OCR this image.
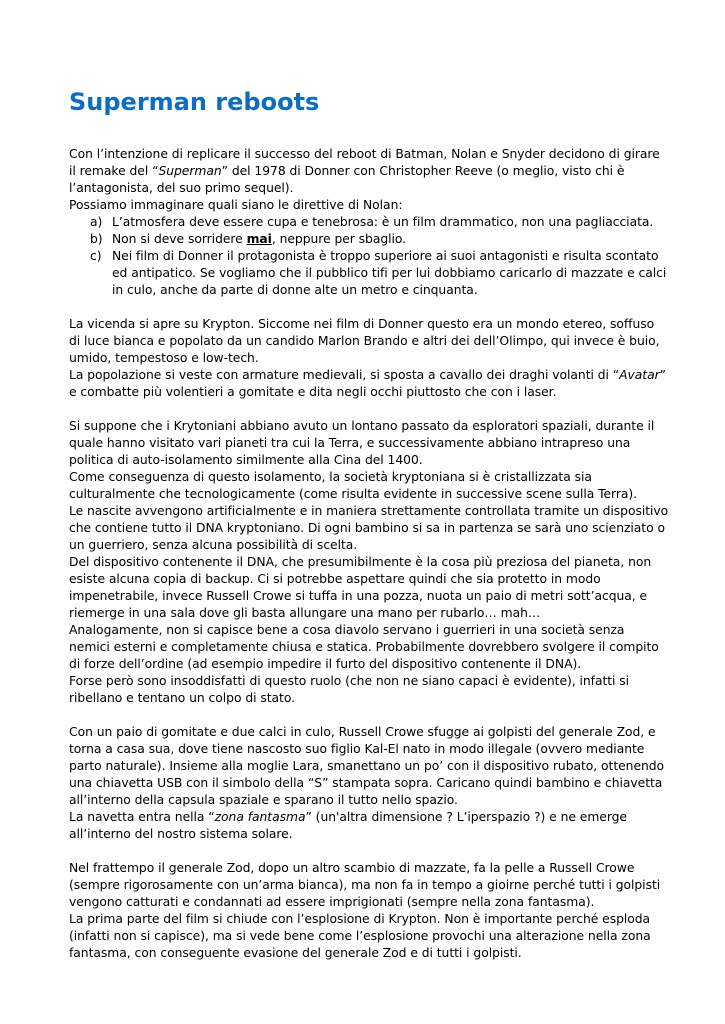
Superman reboots

Con l’intenzione di replicare il successo del reboot di Batman, Nolan e Snyder decidono di girare il remake del “Superman” del 1978 di Donner con Christopher Reeve (o meglio, visto chi è l’antagonista, del suo primo sequel).

Possiamo immaginare quali siano le direttive di Nolan:

a) L’atmosfera deve essere cupa e tenebrosa: è un film drammatico, non una pagliacciata.
b) Non si deve sorridere mai, neppure per sbaglio.
c) Nei film di Donner il protagonista è troppo superiore ai suoi antagonisti e risulta scontato ed antipatico. Se vogliamo che il pubblico tifi per lui dobbiamo caricarlo di mazzate e calci in culo, anche da parte di donne alte un metro e cinquanta.

La vicenda si apre su Krypton. Siccome nei film di Donner questo era un mondo etereo, soffuso di luce bianca e popolato da un candido Marlon Brando e altri dei dell’Olimpo, qui invece è buio, umido, tempestoso e low-tech.

La popolazione si veste con armature medievali, si sposta a cavallo dei draghi volanti di “Avatar” e combatte più volentieri a gomitate e dita negli occhi piuttosto che con i laser.

Si suppone che i Krytoniani abbiano avuto un lontano passato da esploratori spaziali, durante il quale hanno visitato vari pianeti tra cui la Terra, e successivamente abbiano intrapreso una politica di auto-isolamento similmente alla Cina del 1400.

Come conseguenza di questo isolamento, la società kryptoniana si è cristallizzata sia culturalmente che tecnologicamente (come risulta evidente in successive scene sulla Terra).

Le nascite avvengono artificialmente e in maniera strettamente controllata tramite un dispositivo che contiene tutto il DNA kryptoniano. Di ogni bambino si sa in partenza se sarà uno scienziato o un guerriero, senza alcuna possibilità di scelta.

Del dispositivo contenente il DNA, che presumibilmente è la cosa più preziosa del pianeta, non esiste alcuna copia di backup. Ci si potrebbe aspettare quindi che sia protetto in modo impenetrabile, invece Russell Crowe si tuffa in una pozza, nuota un paio di metri sott’acqua, e riemerge in una sala dove gli basta allungare una mano per rubarlo… mah…

Analogamente, non si capisce bene a cosa diavolo servano i guerrieri in una società senza nemici esterni e completamente chiusa e statica. Probabilmente dovrebbero svolgere il compito di forze dell’ordine (ad esempio impedire il furto del dispositivo contenente il DNA).

Forse però sono insoddisfatti di questo ruolo (che non ne siano capaci è evidente), infatti si ribellano e tentano un colpo di stato.

Con un paio di gomitate e due calci in culo, Russell Crowe sfugge ai golpisti del generale Zod, e torna a casa sua, dove tiene nascosto suo figlio Kal-El nato in modo illegale (ovvero mediante parto naturale). Insieme alla moglie Lara, smanettano un po’ con il dispositivo rubato, ottenendo una chiavetta USB con il simbolo della “S” stampata sopra. Caricano quindi bambino e chiavetta all’interno della capsula spaziale e sparano il tutto nello spazio.

La navetta entra nella “zona fantasma” (un'altra dimensione ? L’iperspazio ?) e ne emerge all’interno del nostro sistema solare.

Nel frattempo il generale Zod, dopo un altro scambio di mazzate, fa la pelle a Russell Crowe (sempre rigorosamente con un’arma bianca), ma non fa in tempo a gioirne perché tutti i golpisti vengono catturati e condannati ad essere imprigionati (sempre nella zona fantasma).

La prima parte del film si chiude con l’esplosione di Krypton. Non è importante perché esploda (infatti non si capisce), ma si vede bene come l’esplosione provochi una alterazione nella zona fantasma, con conseguente evasione del generale Zod e di tutti i golpisti.
